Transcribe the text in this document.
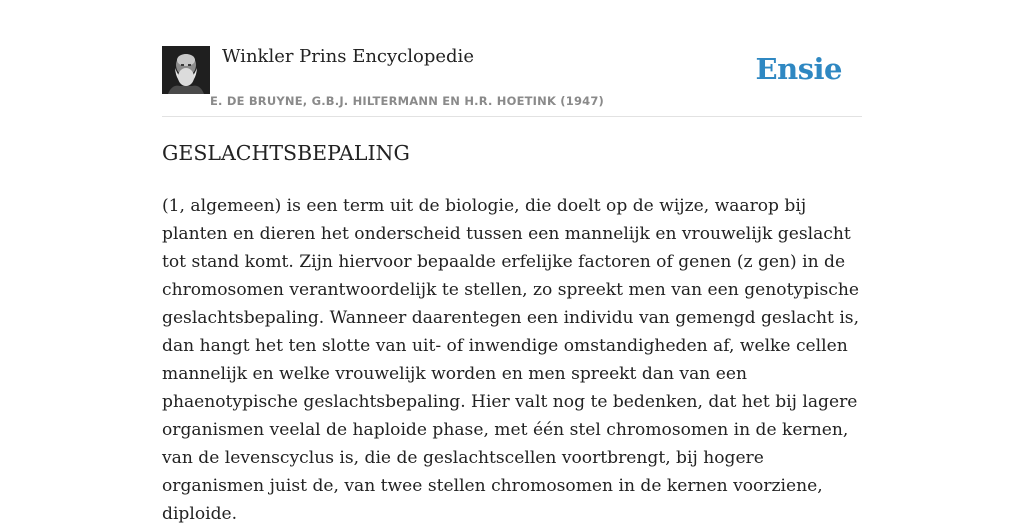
Winkler Prins Encyclopedie
E. DE BRUYNE, G.B.J. HILTERMANN EN H.R. HOETINK (1947)
Ensie
GESLACHTSBEPALING

(1, algemeen) is een term uit de biologie, die doelt op de wijze, waarop bij planten en dieren het onderscheid tussen een mannelijk en vrouwelijk geslacht tot stand komt. Zijn hiervoor bepaalde erfelijke factoren of genen (z gen) in de chromosomen verantwoordelijk te stellen, zo spreekt men van een genotypische geslachtsbepaling. Wanneer daarentegen een individu van gemengd geslacht is, dan hangt het ten slotte van uit- of inwendige omstandigheden af, welke cellen mannelijk en welke vrouwelijk worden en men spreekt dan van een phaenotypische geslachtsbepaling. Hier valt nog te bedenken, dat het bij lagere organismen veelal de haploide phase, met één stel chromosomen in de kernen, van de levenscyclus is, die de geslachtscellen voortbrengt, bij hogere organismen juist de, van twee stellen chromosomen in de kernen voorziene, diploide.
